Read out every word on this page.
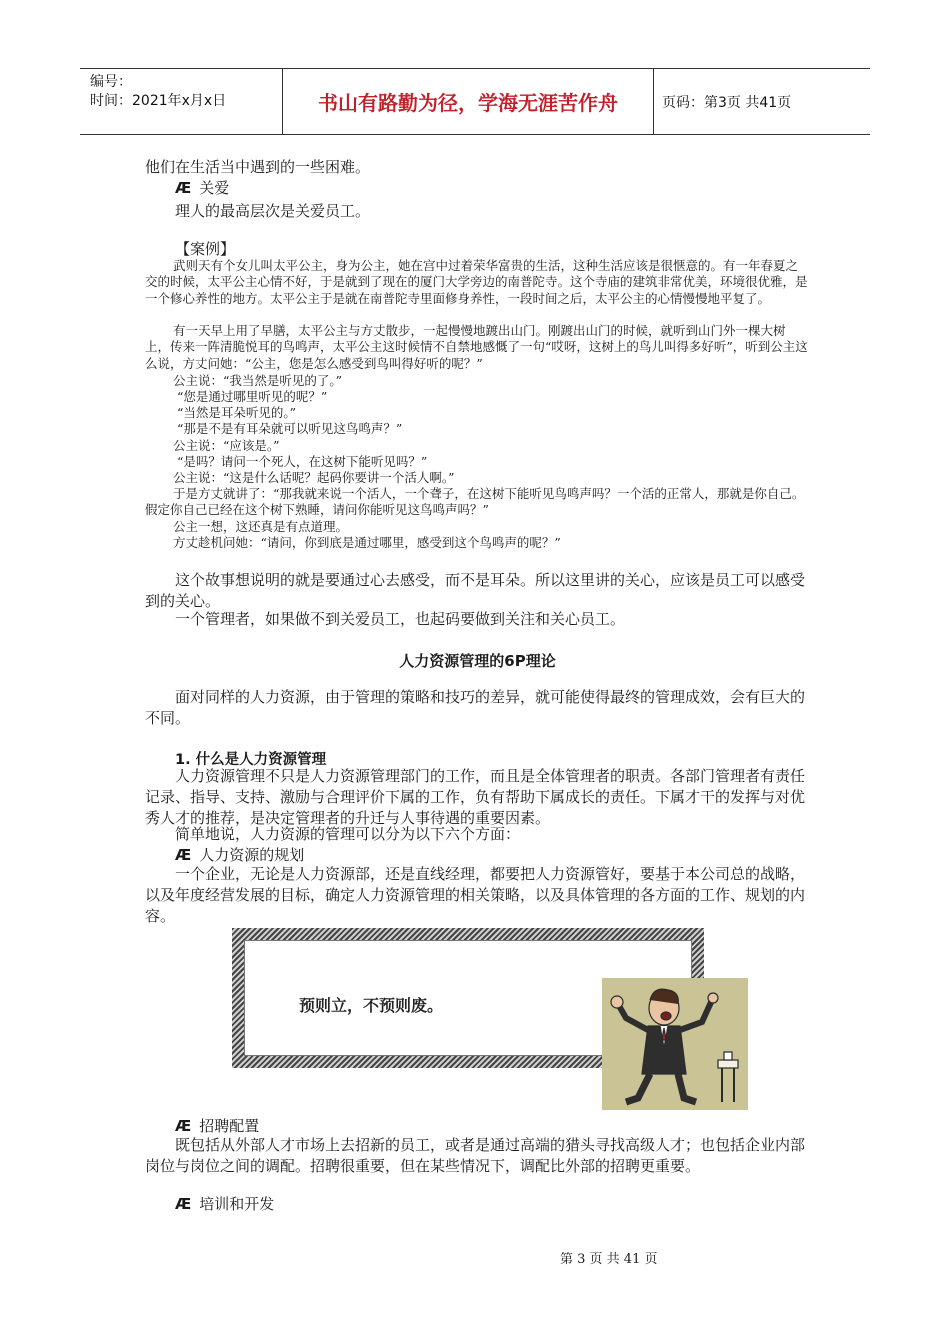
编号：
时间：2021年x月x日	书山有路勤为径，学海无涯苦作舟	页码：第3页 共41页

他们在生活当中遇到的一些困难。

Æ 关爱

理人的最高层次是关爱员工。

【案例】

武则天有个女儿叫太平公主，身为公主，她在宫中过着荣华富贵的生活，这种生活应该是很惬意的。有一年春夏之交的时候，太平公主心情不好，于是就到了现在的厦门大学旁边的南普陀寺。这个寺庙的建筑非常优美，环境很优雅，是一个修心养性的地方。太平公主于是就在南普陀寺里面修身养性，一段时间之后，太平公主的心情慢慢地平复了。

有一天早上用了早膳，太平公主与方丈散步，一起慢慢地踱出山门。刚踱出山门的时候，就听到山门外一棵大树上，传来一阵清脆悦耳的鸟鸣声，太平公主这时候情不自禁地感慨了一句“哎呀，这树上的鸟儿叫得多好听”，听到公主这么说，方丈问她：“公主，您是怎么感受到鸟叫得好听的呢？”

公主说：“我当然是听见的了。”

“您是通过哪里听见的呢？”

“当然是耳朵听见的。”

“那是不是有耳朵就可以听见这鸟鸣声？”

公主说：“应该是。”

“是吗？请问一个死人，在这树下能听见吗？”

公主说：“这是什么话呢？起码你要讲一个活人啊。”

于是方丈就讲了：“那我就来说一个活人，一个聋子，在这树下能听见鸟鸣声吗？一个活的正常人，那就是你自己。假定你自己已经在这个树下熟睡，请问你能听见这鸟鸣声吗？”

公主一想，这还真是有点道理。

方丈趁机问她：“请问，你到底是通过哪里，感受到这个鸟鸣声的呢？”

这个故事想说明的就是要通过心去感受，而不是耳朵。所以这里讲的关心，应该是员工可以感受到的关心。

一个管理者，如果做不到关爱员工，也起码要做到关注和关心员工。

人力资源管理的6P理论

面对同样的人力资源，由于管理的策略和技巧的差异，就可能使得最终的管理成效，会有巨大的不同。

1. 什么是人力资源管理

人力资源管理不只是人力资源管理部门的工作，而且是全体管理者的职责。各部门管理者有责任记录、指导、支持、激励与合理评价下属的工作，负有帮助下属成长的责任。下属才干的发挥与对优秀人才的推荐，是决定管理者的升迁与人事待遇的重要因素。

简单地说，人力资源的管理可以分为以下六个方面：

Æ 人力资源的规划

一个企业，无论是人力资源部，还是直线经理，都要把人力资源管好，要基于本公司总的战略，以及年度经营发展的目标，确定人力资源管理的相关策略，以及具体管理的各方面的工作、规划的内容。

预则立，不预则废。

Æ 招聘配置

既包括从外部人才市场上去招新的员工，或者是通过高端的猎头寻找高级人才；也包括企业内部岗位与岗位之间的调配。招聘很重要，但在某些情况下，调配比外部的招聘更重要。

Æ 培训和开发

第 3 页 共 41 页
